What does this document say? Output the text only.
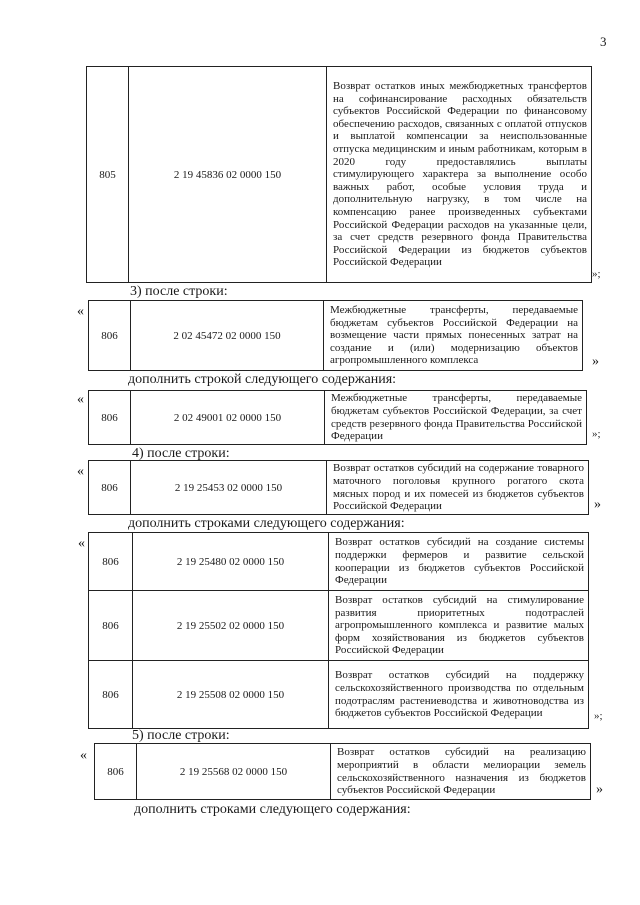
3
805	2 19 45836 02 0000 150	Возврат остатков иных межбюджетных трансфертов на софинансирование расходных обязательств субъектов Российской Федерации по финансовому обеспечению расходов, связанных с оплатой отпусков и выплатой компенсации за неиспользованные отпуска медицинским и иным работникам, которым в 2020 году предоставлялись выплаты стимулирующего характера за выполнение особо важных работ, особые условия труда и дополнительную нагрузку, в том числе на компенсацию ранее произведенных субъектами Российской Федерации расходов на указанные цели, за счет средств резервного фонда Правительства Российской Федерации из бюджетов субъектов Российской Федерации
»;
3) после строки:
«
806	2 02 45472 02 0000 150	Межбюджетные трансферты, передаваемые бюджетам субъектов Российской Федерации на возмещение части прямых понесенных затрат на создание и (или) модернизацию объектов агропромышленного комплекса	»
дополнить строкой следующего содержания:
«
806	2 02 49001 02 0000 150	Межбюджетные трансферты, передаваемые бюджетам субъектов Российской Федерации, за счет средств резервного фонда Правительства Российской Федерации	»;
4) после строки:
«
806	2 19 25453 02 0000 150	Возврат остатков субсидий на содержание товарного маточного поголовья крупного рогатого скота мясных пород и их помесей из бюджетов субъектов Российской Федерации	»
дополнить строками следующего содержания:
«
806	2 19 25480 02 0000 150	Возврат остатков субсидий на создание системы поддержки фермеров и развитие сельской кооперации из бюджетов субъектов Российской Федерации
806	2 19 25502 02 0000 150	Возврат остатков субсидий на стимулирование развития приоритетных подотраслей агропромышленного комплекса и развитие малых форм хозяйствования из бюджетов субъектов Российской Федерации
806	2 19 25508 02 0000 150	Возврат остатков субсидий на поддержку сельскохозяйственного производства по отдельным подотраслям растениеводства и животноводства из бюджетов субъектов Российской Федерации	»;
5) после строки:
«
806	2 19 25568 02 0000 150	Возврат остатков субсидий на реализацию мероприятий в области мелиорации земель сельскохозяйственного назначения из бюджетов субъектов Российской Федерации	»
дополнить строками следующего содержания:
